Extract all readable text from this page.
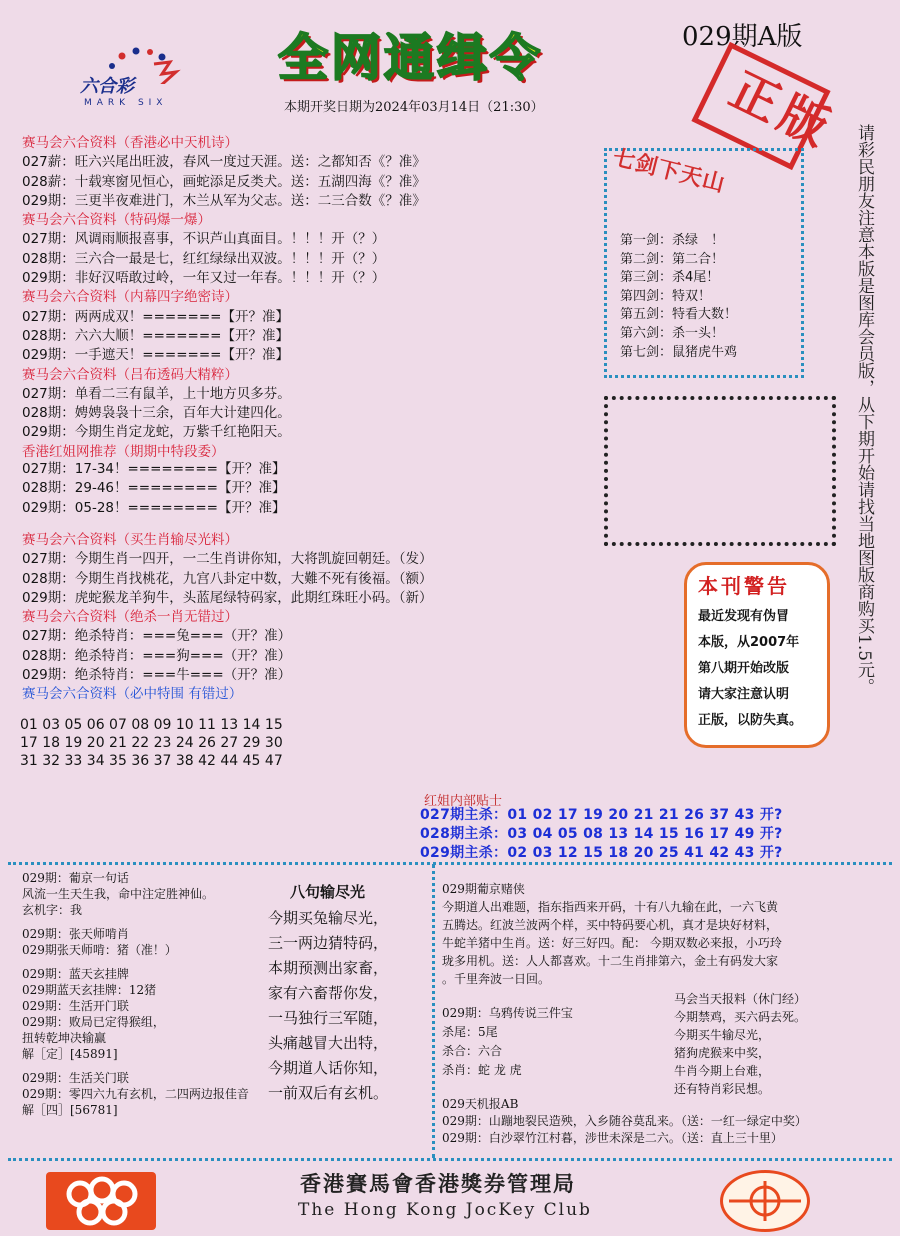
六合彩
MARK SIX
全网通缉令	029期A版
本期开奖日期为2024年03月14日（21:30）	正版
赛马会六合资料（香港必中天机诗）
027薪：旺六兴尾出旺波，春风一度过天涯。送：之都知否《？准》
028薪：十载寒窗见恒心，画蛇添足反类犬。送：五湖四海《？准》
029期：三更半夜难进门，木兰从军为父志。送：二三合数《？准》
赛马会六合资料（特码爆一爆）
027期：风调雨顺报喜事，不识芦山真面目。！！！开（？）
028期：三六合一最是七，红红绿绿出双波。！！！开（？）
029期：非好汉唔敢过岭，一年又过一年春。！！！开（？）
赛马会六合资料（内幕四字绝密诗）
027期：两两成双！=======【开？准】
028期：六六大顺！=======【开？准】
029期：一手遮天！=======【开？准】
赛马会六合资料（吕布透码大精粹）
027期：单看二三有鼠羊，上十地方贝多芬。
028期：娉娉袅袅十三余，百年大计建四化。
029期：今期生肖定龙蛇，万紫千红艳阳天。
香港红姐网推荐（期期中特段委）
027期：17-34！========【开？准】
028期：29-46！========【开？准】
029期：05-28！========【开？准】
赛马会六合资料（买生肖输尽光料）
027期：今期生肖一四开，一二生肖讲你知，大将凯旋回朝廷。（发）
028期：今期生肖找桃花，九宫八卦定中数，大難不死有後福。（额）
029期：虎蛇猴龙羊狗牛，头蓝尾绿特码家，此期红珠旺小码。（新）
赛马会六合资料（绝杀一肖无错过）
027期：绝杀特肖：===兔===（开？准）
028期：绝杀特肖：===狗===（开？准）
029期：绝杀特肖：===牛===（开？准）
赛马会六合资料（必中特围 有错过）
01 03 05 06 07 08 09 10 11 13 14 15
17 18 19 20 21 22 23 24 26 27 29 30
31 32 33 34 35 36 37 38 42 44 45 47
七剑下天山
第一剑：杀绿　！
第二剑：第二合！
第三剑：杀4尾！
第四剑：特双！
第五剑：特看大数！
第六剑：杀一头！
第七剑：鼠猪虎牛鸡
本刊警告
最近发现有伪冒
本版，从2007年
第八期开始改版
请大家注意认明
正版，以防失真。
请彩民朋友注意本版是图库会员版，从下期开始请找当地图版商购买1.5元。
红姐内部贴士
027期主杀：01 02 17 19 20 21 21 26 37 43 开?
028期主杀：03 04 05 08 13 14 15 16 17 49 开?
029期主杀：02 03 12 15 18 20 25 41 42 43 开?
029期：葡京一句话
风流一生天生我，命中注定胜神仙。
玄机字：我
029期：张天师啃肖
029期张天师啃：猪（准！）
029期：蓝天玄挂牌
029期蓝天玄挂牌：12猪
029期：生活开门联
029期：败局已定得猴组，
扭转乾坤决输赢
解［定］[45891]
029期：生活关门联
029期：零四六九有玄机，二四两边报佳音
解［四］[56781]
八句输尽光
今期买兔输尽光，
三一两边猜特码，
本期预测出家畜，
家有六畜帮你发，
一马独行三军随，
头痛越冒大出特，
今期道人话你知，
一前双后有玄机。
029期葡京赌侠
今期道人出难题，指东指西来开码，十有八九输在此，一六飞黄
五腾达。红波兰波两个样，买中特码要心机，真才是块好材料，
牛蛇羊猪中生肖。送：好三好四。配： 今期双数必来报，小巧玲
珑多用机。送：人人都喜欢。十二生肖排第六，金土有码发大家
。千里奔波一日回。
029期：乌鸦传说三件宝
杀尾：5尾
杀合：六合
杀肖：蛇 龙 虎
马会当天报料（休门经）
今期禁鸡，买六码去死。
今期买牛输尽光，
猪狗虎猴来中奖，
牛肖今期上台难，
还有特肖彩民想。
029天机报AB
029期：山蹦地裂民造殃，入乡随谷莫乱来。（送：一红一绿定中奖）
029期：白沙翠竹江村暮，涉世未深是二六。（送：直上三十里）
香港賽馬會香港獎券管理局
The Hong Kong JocKey Club
